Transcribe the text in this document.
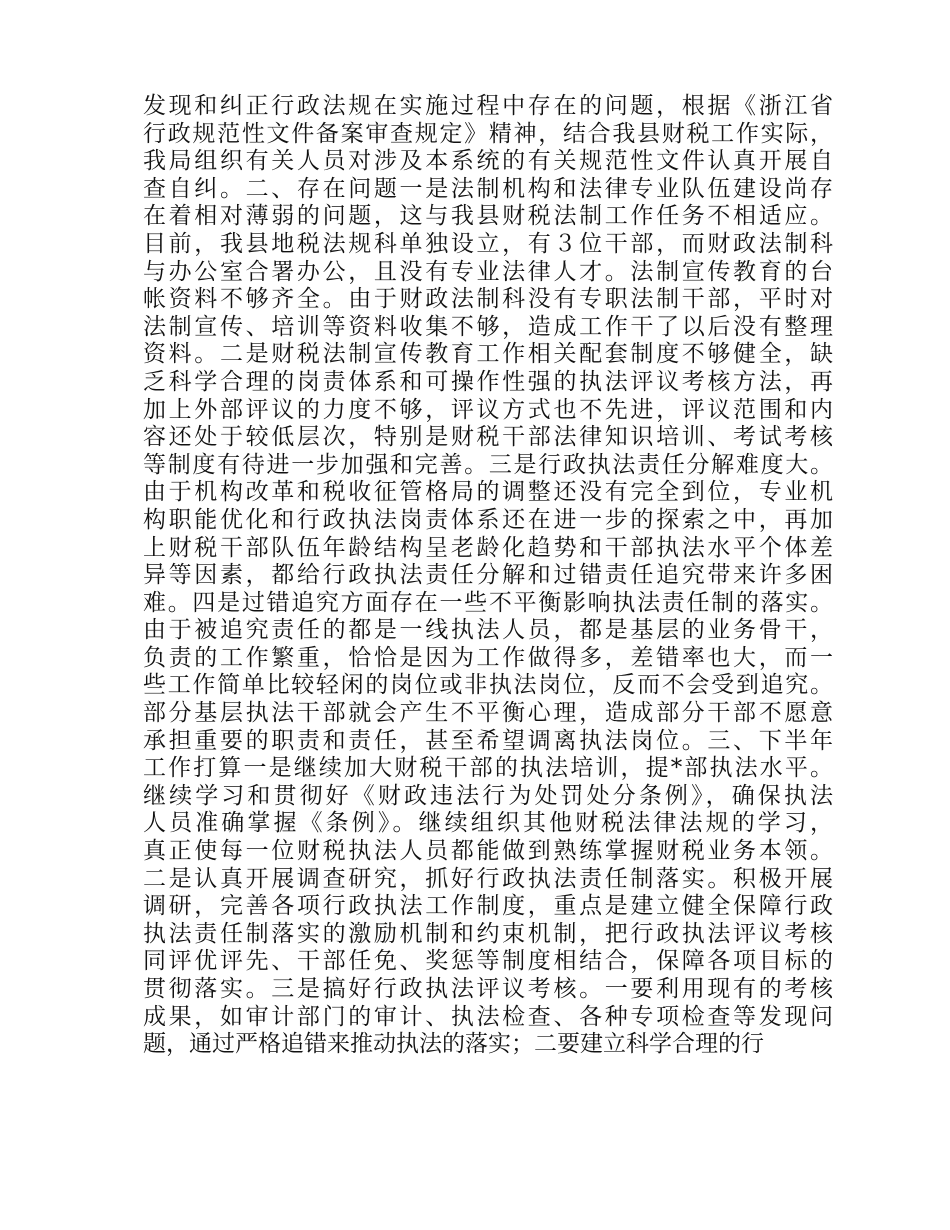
发现和纠正行政法规在实施过程中存在的问题，根据《浙江省
行政规范性文件备案审查规定》精神，结合我县财税工作实际，
我局组织有关人员对涉及本系统的有关规范性文件认真开展自
查自纠。二、存在问题一是法制机构和法律专业队伍建设尚存
在着相对薄弱的问题，这与我县财税法制工作任务不相适应。
目前，我县地税法规科单独设立，有３位干部，而财政法制科
与办公室合署办公，且没有专业法律人才。法制宣传教育的台
帐资料不够齐全。由于财政法制科没有专职法制干部，平时对
法制宣传、培训等资料收集不够，造成工作干了以后没有整理
资料。二是财税法制宣传教育工作相关配套制度不够健全，缺
乏科学合理的岗责体系和可操作性强的执法评议考核方法，再
加上外部评议的力度不够，评议方式也不先进，评议范围和内
容还处于较低层次，特别是财税干部法律知识培训、考试考核
等制度有待进一步加强和完善。三是行政执法责任分解难度大。
由于机构改革和税收征管格局的调整还没有完全到位，专业机
构职能优化和行政执法岗责体系还在进一步的探索之中，再加
上财税干部队伍年龄结构呈老龄化趋势和干部执法水平个体差
异等因素，都给行政执法责任分解和过错责任追究带来许多困
难。四是过错追究方面存在一些不平衡影响执法责任制的落实。
由于被追究责任的都是一线执法人员，都是基层的业务骨干，
负责的工作繁重，恰恰是因为工作做得多，差错率也大，而一
些工作简单比较轻闲的岗位或非执法岗位，反而不会受到追究。
部分基层执法干部就会产生不平衡心理，造成部分干部不愿意
承担重要的职责和责任，甚至希望调离执法岗位。三、下半年
工作打算一是继续加大财税干部的执法培训，提*部执法水平。
继续学习和贯彻好《财政违法行为处罚处分条例》，确保执法
人员准确掌握《条例》。继续组织其他财税法律法规的学习，
真正使每一位财税执法人员都能做到熟练掌握财税业务本领。
二是认真开展调查研究，抓好行政执法责任制落实。积极开展
调研，完善各项行政执法工作制度，重点是建立健全保障行政
执法责任制落实的激励机制和约束机制，把行政执法评议考核
同评优评先、干部任免、奖惩等制度相结合，保障各项目标的
贯彻落实。三是搞好行政执法评议考核。一要利用现有的考核
成果，如审计部门的审计、执法检查、各种专项检查等发现问
题，通过严格追错来推动执法的落实；二要建立科学合理的行
